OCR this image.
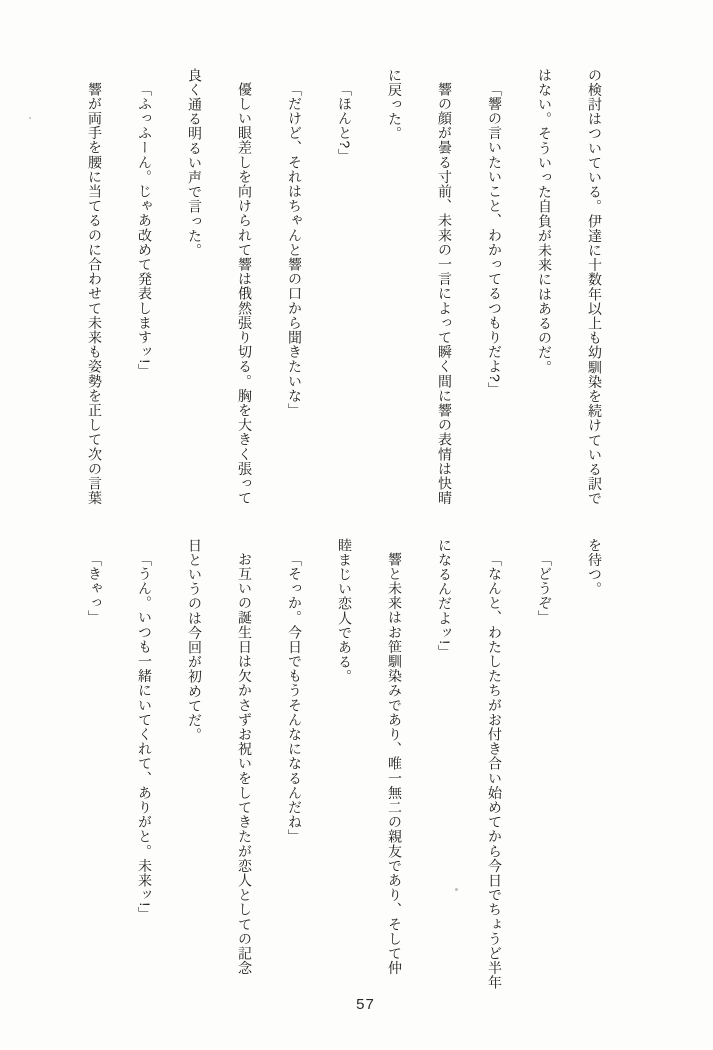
の検討はついている。伊達に十数年以上も幼馴染を続けている訳で
はない。そういった自負が未来にはあるのだ。
「響の言いたいこと、わかってるつもりだよ?」
響の顔が曇る寸前、未来の一言によって瞬く間に響の表情は快晴
に戻った。
「ほんと?」
「だけど、それはちゃんと響の口から聞きたいな」
優しい眼差しを向けられて響は俄然張り切る。胸を大きく張って
良く通る明るい声で言った。
「ふっふーん。じゃあ改めて発表しますッ!」
響が両手を腰に当てるのに合わせて未来も姿勢を正して次の言葉
を待つ。
「どうぞ」
「なんと、わたしたちがお付き合い始めてから今日でちょうど半年
になるんだよッ!」
響と未来はお笹馴染みであり、唯一無二の親友であり、そして仲
睦まじい恋人である。
「そっか。今日でもうそんなになるんだね」
お互いの誕生日は欠かさずお祝いをしてきたが恋人としての記念
日というのは今回が初めてだ。
「うん。いつも一緒にいてくれて、ありがと。未来ッ!」
「きゃっ」
57
